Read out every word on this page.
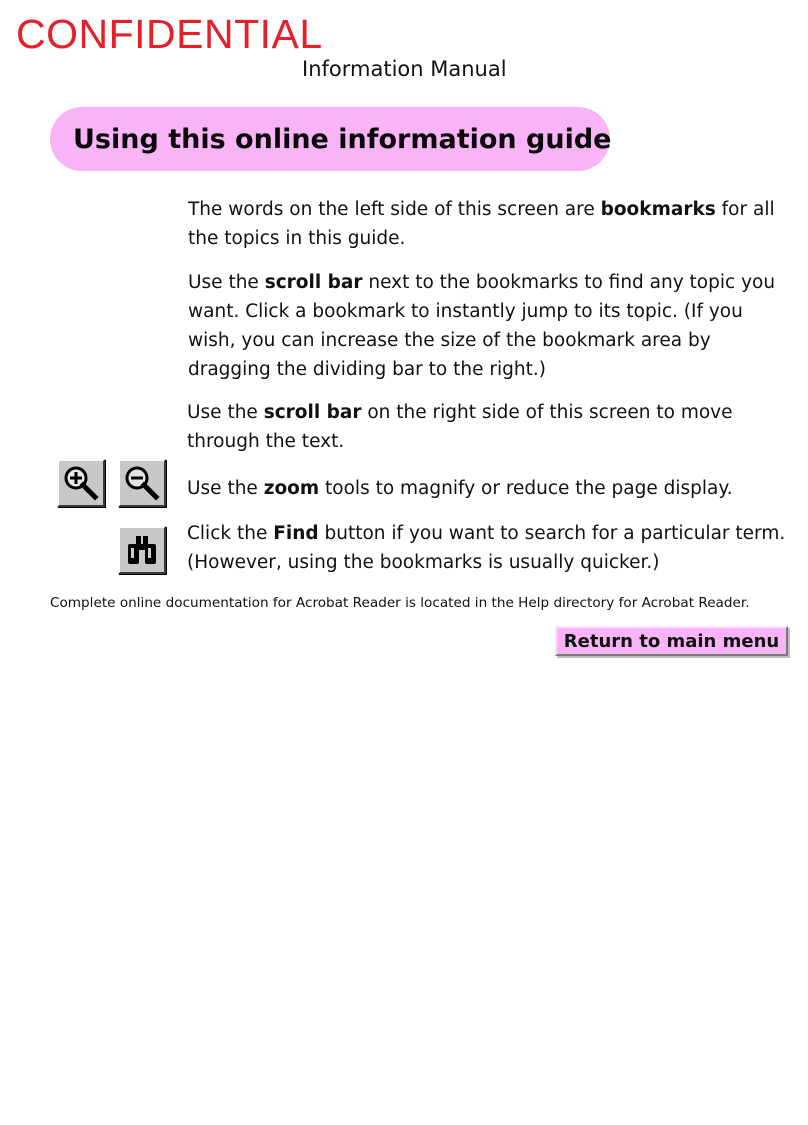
CONFIDENTIAL
Information Manual
Using this online information guide

The words on the left side of this screen are bookmarks for all the topics in this guide.

Use the scroll bar next to the bookmarks to find any topic you want. Click a bookmark to instantly jump to its topic. (If you wish, you can increase the size of the bookmark area by dragging the dividing bar to the right.)

Use the scroll bar on the right side of this screen to move through the text.

Use the zoom tools to magnify or reduce the page display.

Click the Find button if you want to search for a particular term. (However, using the bookmarks is usually quicker.)

Complete online documentation for Acrobat Reader is located in the Help directory for Acrobat Reader.

Return to main menu
